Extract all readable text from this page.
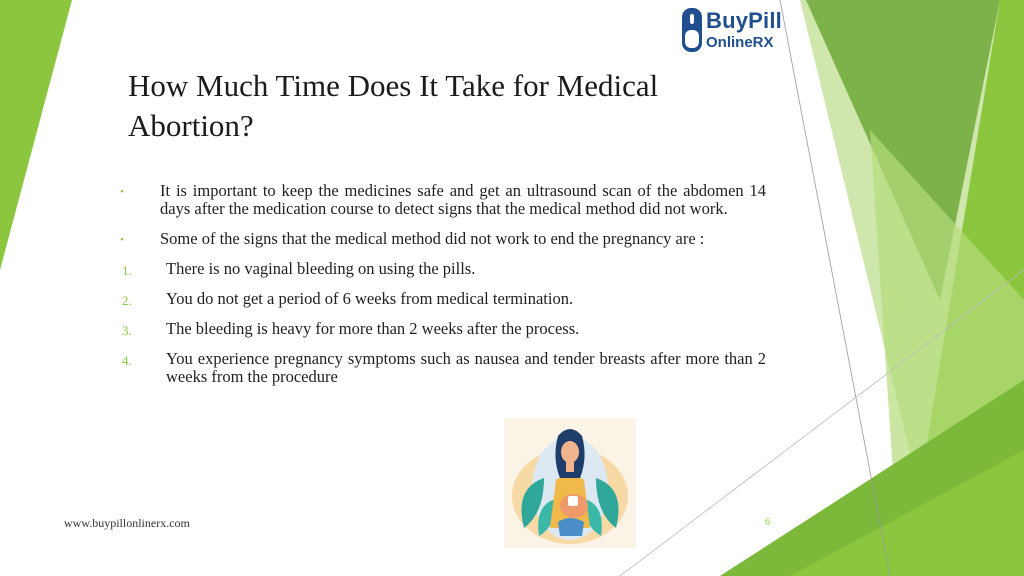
BuyPill
OnlineRX
How Much Time Does It Take for Medical Abortion?
•	It is important to keep the medicines safe and get an ultrasound scan of the abdomen 14 days after the medication course to detect signs that the medical method did not work.
•	Some of the signs that the medical method did not work to end the pregnancy are :
1.	There is no vaginal bleeding on using the pills.
2.	You do not get a period of 6 weeks from medical termination.
3.	The bleeding is heavy for more than 2 weeks after the process.
4.	You experience pregnancy symptoms such as nausea and tender breasts after more than 2 weeks from the procedure
www.buypillonlinerx.com	6
